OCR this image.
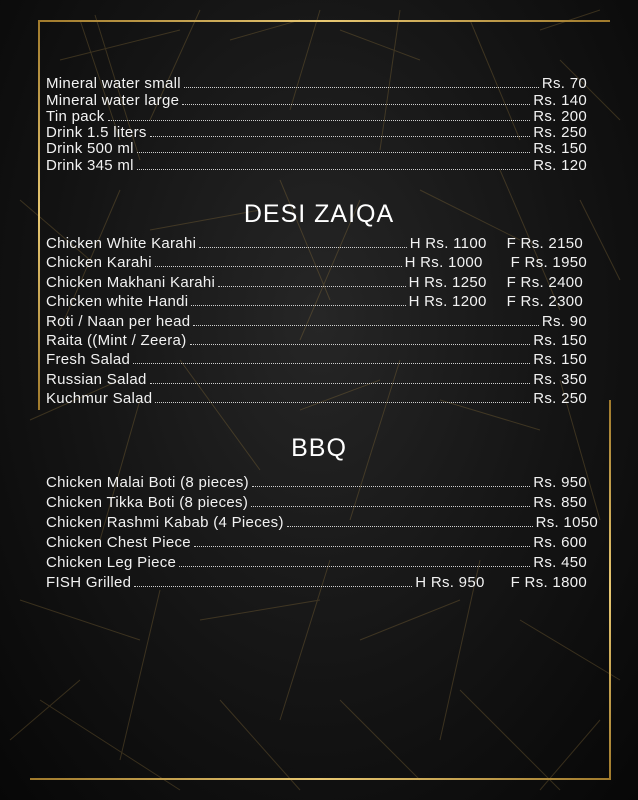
Mineral water small	Rs. 70
Mineral water large	Rs. 140
Tin pack	Rs. 200
Drink 1.5 liters	Rs. 250
Drink 500 ml	Rs. 150
Drink 345 ml	Rs. 120
DESI ZAIQA
Chicken White Karahi	H Rs. 1100 F Rs. 2150
Chicken Karahi	H Rs. 1000 F Rs. 1950
Chicken Makhani Karahi	H Rs. 1250 F Rs. 2400
Chicken white Handi	H Rs. 1200 F Rs. 2300
Roti / Naan per head	Rs. 90
Raita ((Mint / Zeera)	Rs. 150
Fresh Salad	Rs. 150
Russian Salad	Rs. 350
Kuchmur Salad	Rs. 250
BBQ
Chicken Malai Boti (8 pieces)	Rs. 950
Chicken Tikka Boti (8 pieces)	Rs. 850
Chicken Rashmi Kabab (4 Pieces)	Rs. 1050
Chicken Chest Piece	Rs. 600
Chicken Leg Piece	Rs. 450
FISH Grilled	H Rs. 950 F Rs. 1800
